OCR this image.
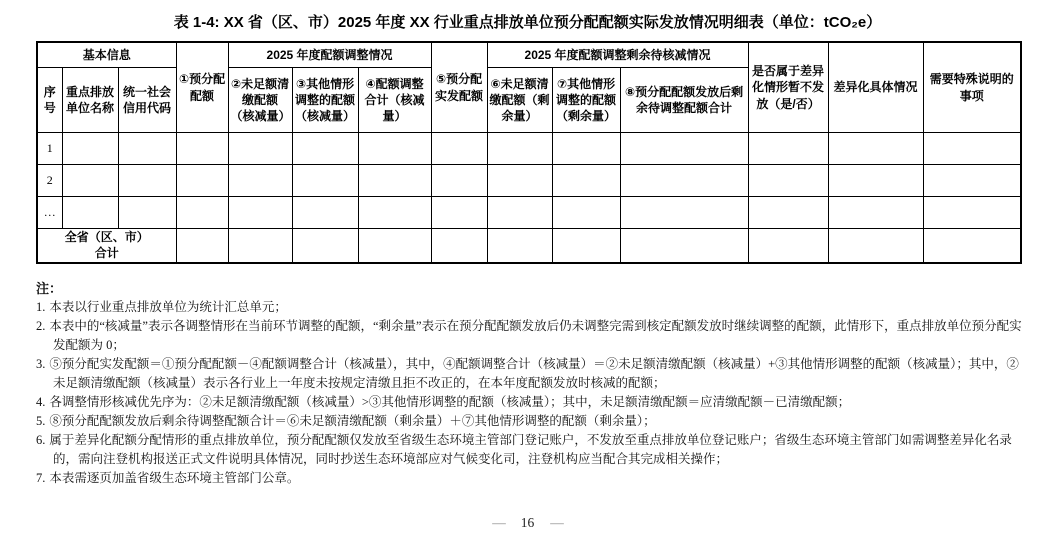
表 1-4: XX 省（区、市）2025 年度 XX 行业重点排放单位预分配配额实际发放情况明细表（单位：tCO₂e）
基本信息			①预分配配额	2025 年度配额调整情况			⑤预分配实发配额	2025 年度配额调整剩余待核减情况			是否属于差异化情形暂不发放（是/否）	差异化具体情况	需要特殊说明的事项
序号	重点排放单位名称	统一社会信用代码		②未足额清缴配额（核减量）	③其他情形调整的配额（核减量）	④配额调整合计（核减量）		⑥未足额清缴配额（剩余量）	⑦其他情形调整的配额（剩余量）	⑧预分配配额发放后剩余待调整配额合计			
1													
2													
…													
全省（区、市）合计													
注：
1. 本表以行业重点排放单位为统计汇总单元；
2. 本表中的“核减量”表示各调整情形在当前环节调整的配额，“剩余量”表示在预分配配额发放后仍未调整完需到核定配额发放时继续调整的配额，此情形下，重点排放单位预分配实发配额为 0；
3. ⑤预分配实发配额＝①预分配配额－④配额调整合计（核减量），其中，④配额调整合计（核减量）＝②未足额清缴配额（核减量）+③其他情形调整的配额（核减量）；其中，②未足额清缴配额（核减量）表示各行业上一年度未按规定清缴且拒不改正的，在本年度配额发放时核减的配额；
4. 各调整情形核减优先序为：②未足额清缴配额（核减量）>③其他情形调整的配额（核减量）；其中，未足额清缴配额＝应清缴配额－已清缴配额；
5. ⑧预分配配额发放后剩余待调整配额合计＝⑥未足额清缴配额（剩余量）＋⑦其他情形调整的配额（剩余量）；
6. 属于差异化配额分配情形的重点排放单位，预分配配额仅发放至省级生态环境主管部门登记账户，不发放至重点排放单位登记账户；省级生态环境主管部门如需调整差异化名录的，需向注登机构报送正式文件说明具体情况，同时抄送生态环境部应对气候变化司，注登机构应当配合其完成相关操作；
7. 本表需逐页加盖省级生态环境主管部门公章。
— 16 —
